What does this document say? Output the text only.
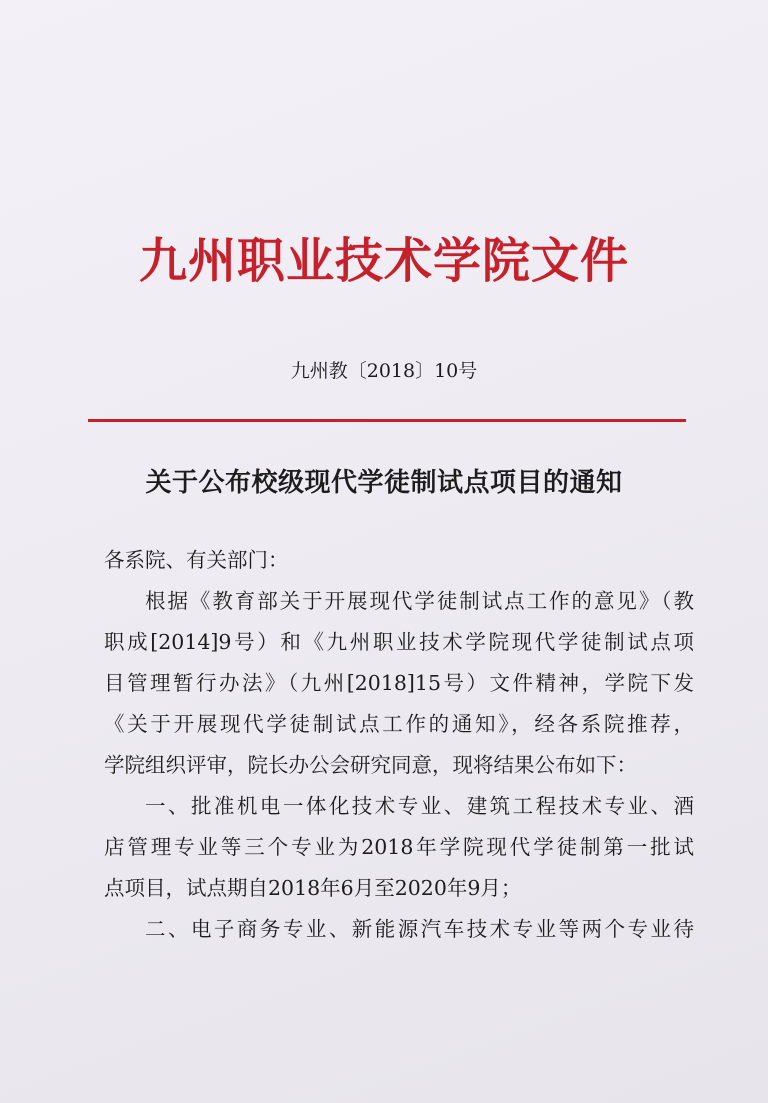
九州职业技术学院文件
九州教〔2018〕10号
关于公布校级现代学徒制试点项目的通知
各系院、有关部门：
根据《教育部关于开展现代学徒制试点工作的意见》（教
职成[2014]9号）和《九州职业技术学院现代学徒制试点项
目管理暂行办法》（九州[2018]15号）文件精神，学院下发
《关于开展现代学徒制试点工作的通知》，经各系院推荐，
学院组织评审，院长办公会研究同意，现将结果公布如下：
一、批准机电一体化技术专业、建筑工程技术专业、酒
店管理专业等三个专业为2018年学院现代学徒制第一批试
点项目，试点期自2018年6月至2020年9月；
二、电子商务专业、新能源汽车技术专业等两个专业待
